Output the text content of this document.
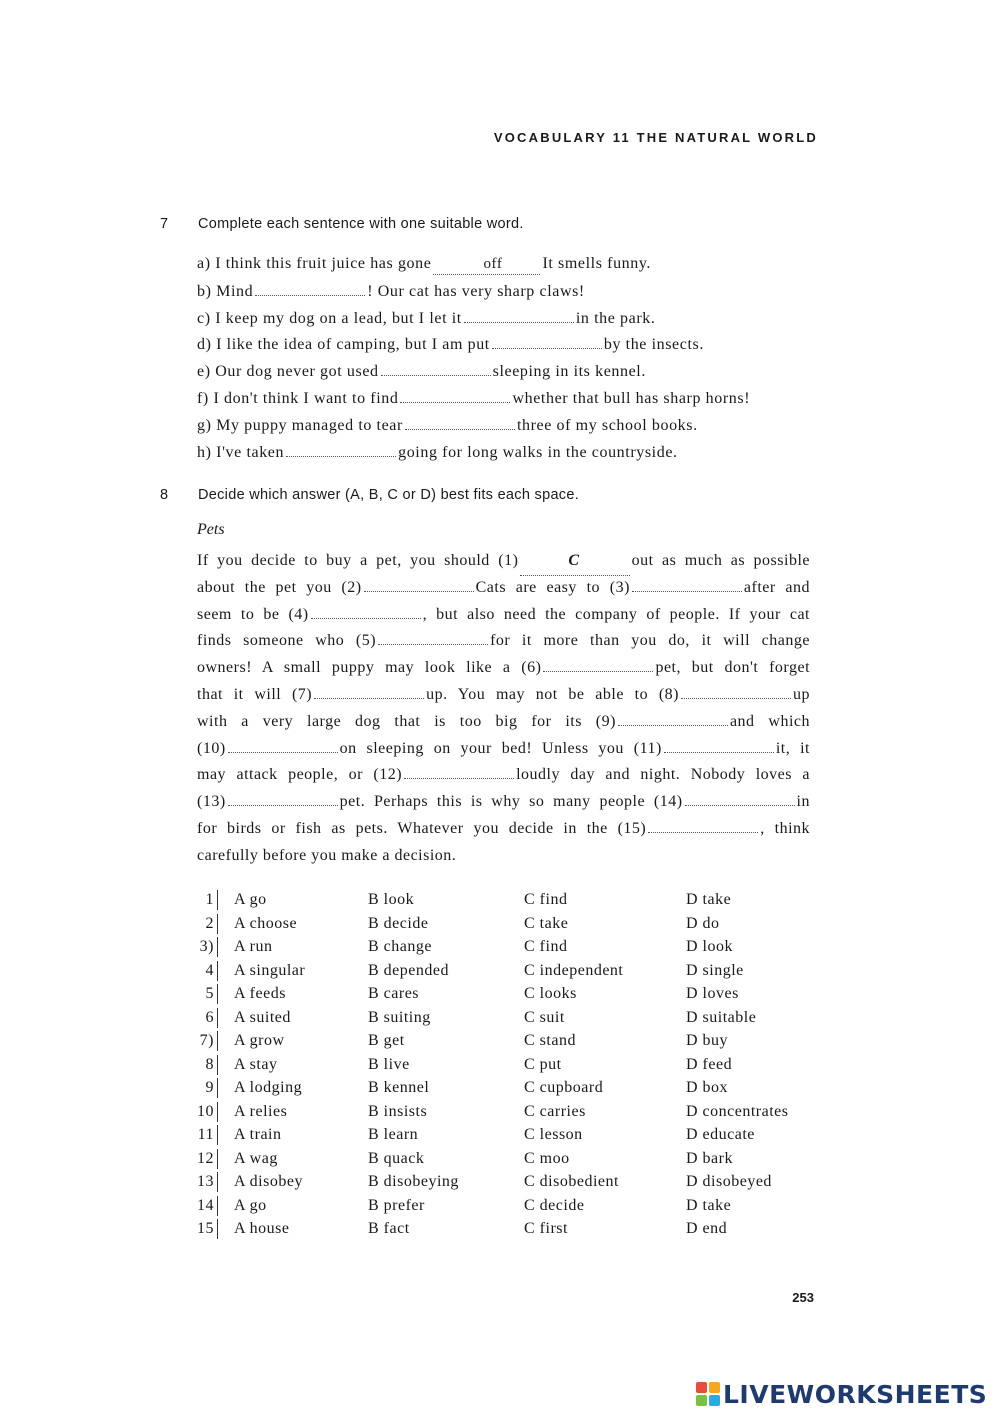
VOCABULARY 11 THE NATURAL WORLD
7 Complete each sentence with one suitable word.
a) I think this fruit juice has gone	off	It smells funny.
b) Mind	! Our cat has very sharp claws!
c) I keep my dog on a lead, but I let it	in the park.
d) I like the idea of camping, but I am put	by the insects.
e) Our dog never got used	sleeping in its kennel.
f) I don't think I want to find	whether that bull has sharp horns!
g) My puppy managed to tear	three of my school books.
h) I've taken	going for long walks in the countryside.
8 Decide which answer (A, B, C or D) best fits each space.
Pets
If you decide to buy a pet, you should (1)	C	out as much as possible
about the pet you (2)	Cats are easy to (3)	after and
seem to be (4)	, but also need the company of people. If your cat
finds someone who (5)	for it more than you do, it will change
owners! A small puppy may look like a (6)	pet, but don't forget
that it will (7)	up. You may not be able to (8)	up
with a very large dog that is too big for its (9)	and which
(10)	on sleeping on your bed! Unless you (11)	it, it
may attack people, or (12)	loudly day and night. Nobody loves a
(13)	pet. Perhaps this is why so many people (14)	in
for birds or fish as pets. Whatever you decide in the (15)	, think
carefully before you make a decision.
1 A go	B look	C find	D take
2 A choose	B decide	C take	D do
3) A run	B change	C find	D look
4 A singular	B depended	C independent	D single
5 A feeds	B cares	C looks	D loves
6 A suited	B suiting	C suit	D suitable
7) A grow	B get	C stand	D buy
8 A stay	B live	C put	D feed
9 A lodging	B kennel	C cupboard	D box
10 A relies	B insists	C carries	D concentrates
11 A train	B learn	C lesson	D educate
12 A wag	B quack	C moo	D bark
13 A disobey	B disobeying	C disobedient	D disobeyed
14 A go	B prefer	C decide	D take
15 A house	B fact	C first	D end
253
LIVEWORKSHEETS
